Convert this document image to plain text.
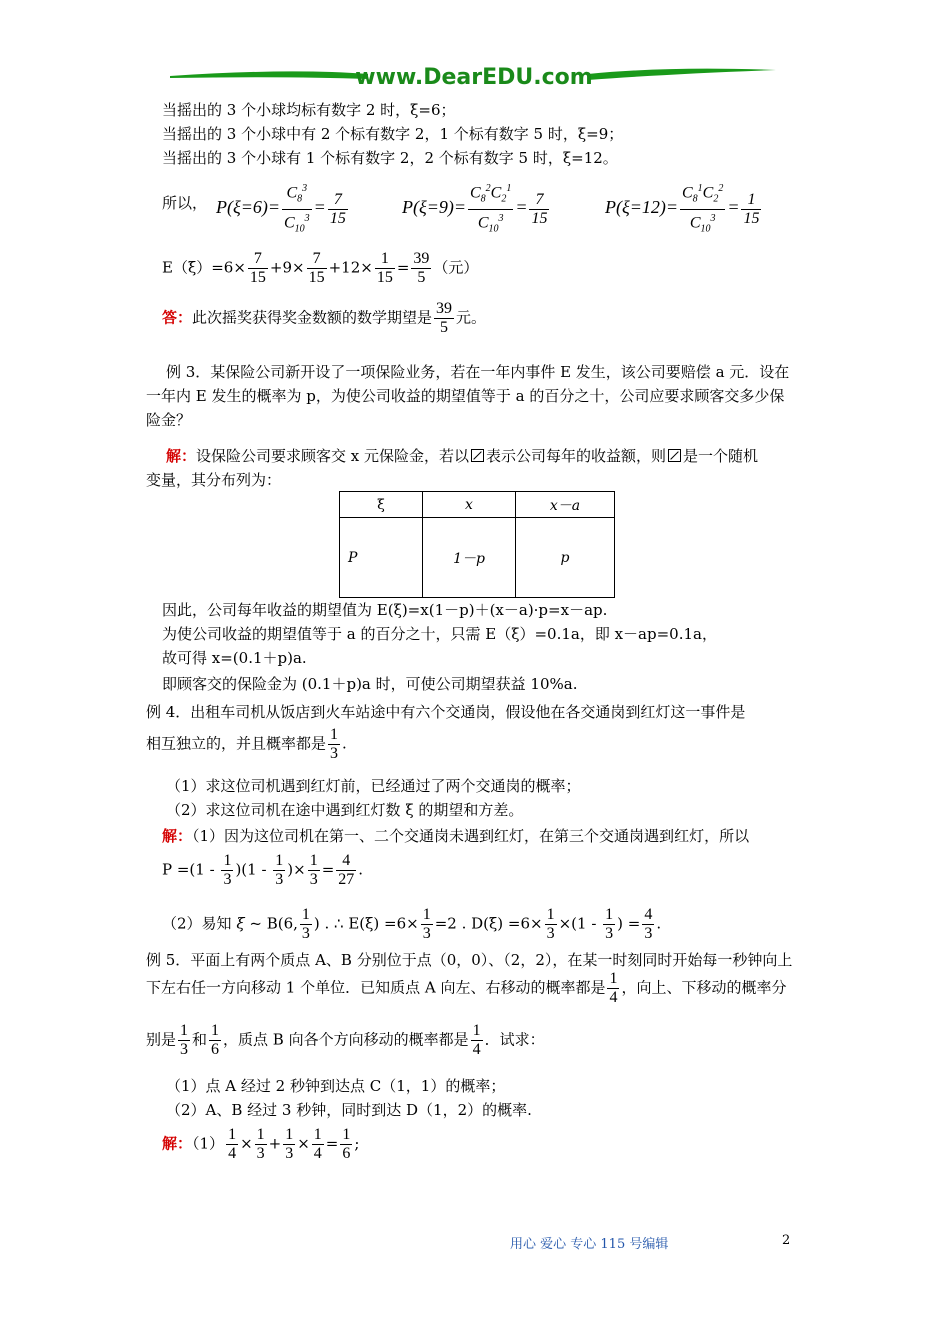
www.DearEDU.com
当摇出的 3 个小球均标有数字 2 时，ξ=6；
当摇出的 3 个小球中有 2 个标有数字 2，1 个标有数字 5 时，ξ=9；
当摇出的 3 个小球有 1 个标有数字 2，2 个标有数字 5 时，ξ=12。
所以， $P(\xi=6)= \frac{C_8^3}{C_{10}^3} = \frac{7}{15}$	$P(\xi=9)= \frac{C_8^2C_2^1}{C_{10}^3} = \frac{7}{15}$	$P(\xi=12)= \frac{C_8^1C_2^2}{C_{10}^3} = \frac{1}{15}$
$E(\xi)=6\times \frac{7}{15} +9\times \frac{7}{15} +12\times \frac{1}{15} = \frac{39}{5}$ （元）
答：此次摇奖获得奖金数额的数学期望是 $\frac{39}{5}$ 元。
例 3．某保险公司新开设了一项保险业务，若在一年内事件 E 发生，该公司要赔偿 a 元．设在
一年内 E 发生的概率为 p，为使公司收益的期望值等于 a 的百分之十，公司应要求顾客交多少保
险金？
解：设保险公司要求顾客交 x 元保险金，若以 表示公司每年的收益额，则 是一个随机
变量，其分布列为：
ξ	x	x－a
P	1－p	p
因此，公司每年收益的期望值为 E(ξ)=x(1－p)＋(x－a)·p=x－ap.
为使公司收益的期望值等于 a 的百分之十，只需 E（ξ）=0.1a，即 x－ap=0.1a，
故可得 x=(0.1＋p)a.
即顾客交的保险金为 (0.1＋p)a 时，可使公司期望获益 10%a.
例 4．出租车司机从饭店到火车站途中有六个交通岗，假设他在各交通岗到红灯这一事件是
相互独立的，并且概率都是 $\frac{1}{3}$ .
（1）求这位司机遇到红灯前，已经通过了两个交通岗的概率；
（2）求这位司机在途中遇到红灯数 ξ 的期望和方差。
解：（1）因为这位司机在第一、二个交通岗未遇到红灯，在第三个交通岗遇到红灯，所以
$P =(1 - \frac{1}{3} )(1 - \frac{1}{3}$ )× $\frac{1}{3} = \frac{4}{27}$ .
（2）易知 ξ ~ B(6, $\frac{1}{3}$ ) . ∴ $E(\xi) =6\times \frac{1}{3} =2$ . $D(\xi) =6\times \frac{1}{3} \times(1 - \frac{1}{3}$ ) = $\frac{4}{3}$ .
例 5．平面上有两个质点 A、B 分别位于点（0，0）、（2，2），在某一时刻同时开始每一秒钟向上
下左右任一方向移动 1 个单位．已知质点 A 向左、右移动的概率都是 $\frac{1}{4}$ ，向上、下移动的概率分
别是 $\frac{1}{3}$ 和 $\frac{1}{6}$ ，质点 B 向各个方向移动的概率都是 $\frac{1}{4}$ ．试求：
（1）点 A 经过 2 秒钟到达点 C（1，1）的概率；
（2）A、B 经过 3 秒钟，同时到达 D（1，2）的概率.
解：$(1) \frac{1}{4} \times \frac{1}{3} + \frac{1}{3} \times \frac{1}{4} = \frac{1}{6}$ ;
用心 爱心 专心 115 号编辑	2
